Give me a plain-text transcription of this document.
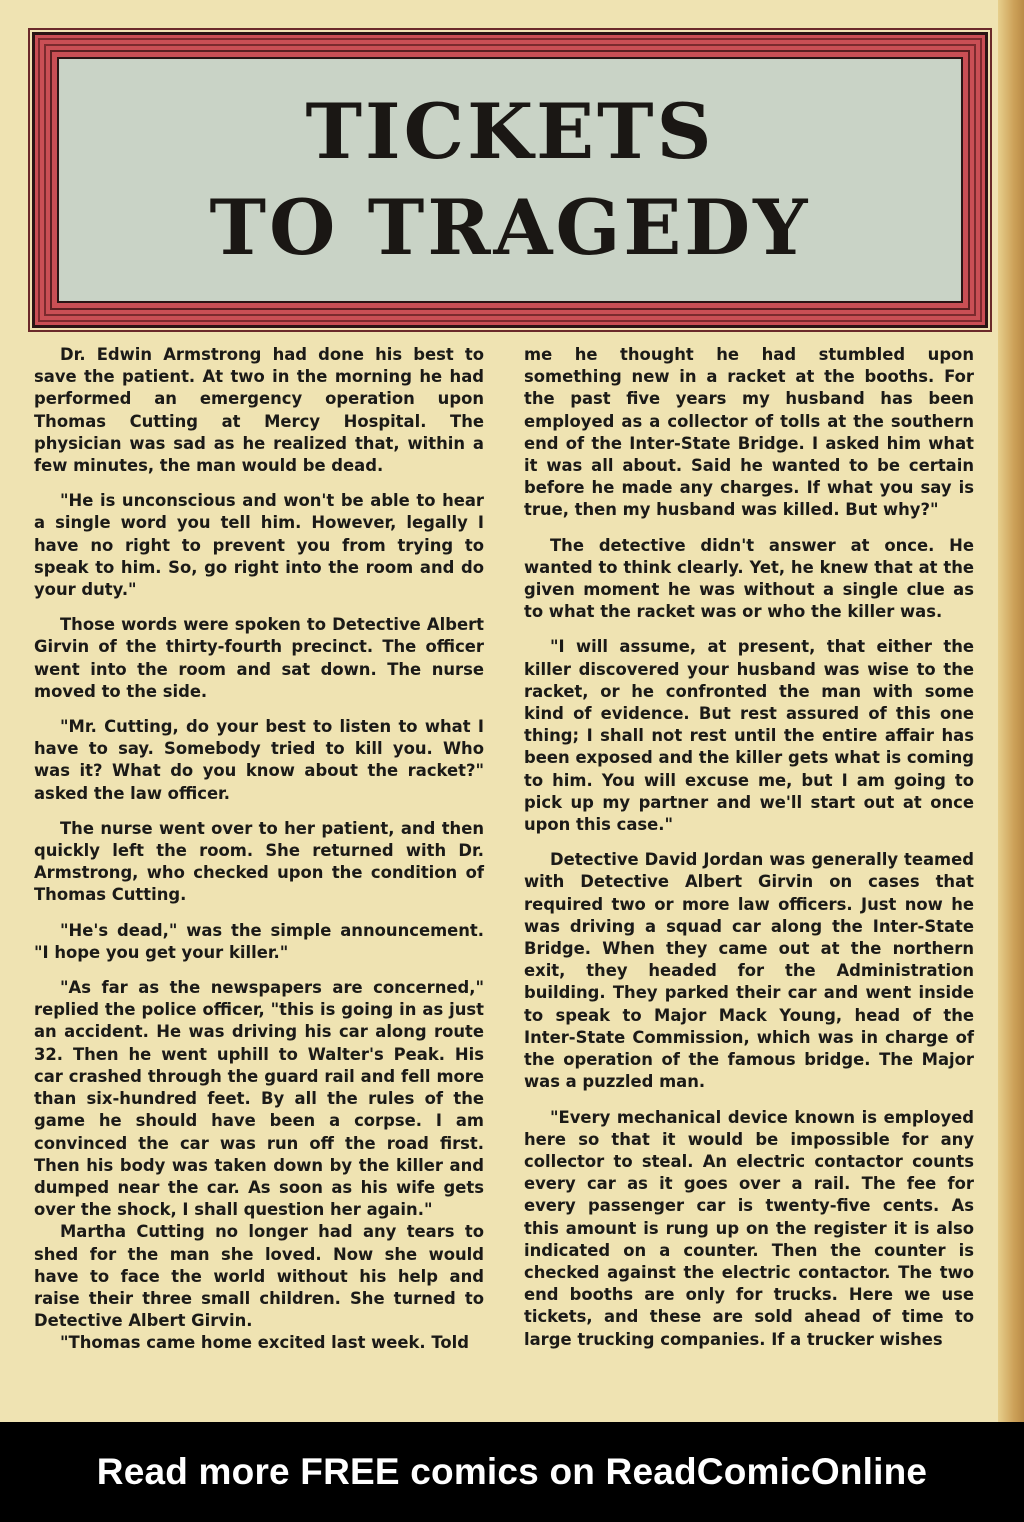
TICKETS
TO TRAGEDY

Dr. Edwin Armstrong had done his best to save the patient. At two in the morning he had performed an emergency operation upon Thomas Cutting at Mercy Hospital. The physician was sad as he realized that, within a few minutes, the man would be dead.

"He is unconscious and won't be able to hear a single word you tell him. However, legally I have no right to prevent you from trying to speak to him. So, go right into the room and do your duty."

Those words were spoken to Detective Albert Girvin of the thirty-fourth precinct. The officer went into the room and sat down. The nurse moved to the side.

"Mr. Cutting, do your best to listen to what I have to say. Somebody tried to kill you. Who was it? What do you know about the racket?" asked the law officer.

The nurse went over to her patient, and then quickly left the room. She returned with Dr. Armstrong, who checked upon the condition of Thomas Cutting.

"He's dead," was the simple announcement. "I hope you get your killer."

"As far as the newspapers are concerned," replied the police officer, "this is going in as just an accident. He was driving his car along route 32. Then he went uphill to Walter's Peak. His car crashed through the guard rail and fell more than six-hundred feet. By all the rules of the game he should have been a corpse. I am convinced the car was run off the road first. Then his body was taken down by the killer and dumped near the car. As soon as his wife gets over the shock, I shall question her again."

Martha Cutting no longer had any tears to shed for the man she loved. Now she would have to face the world without his help and raise their three small children. She turned to Detective Albert Girvin.

"Thomas came home excited last week. Told

me he thought he had stumbled upon something new in a racket at the booths. For the past five years my husband has been employed as a collector of tolls at the southern end of the Inter-State Bridge. I asked him what it was all about. Said he wanted to be certain before he made any charges. If what you say is true, then my husband was killed. But why?"

The detective didn't answer at once. He wanted to think clearly. Yet, he knew that at the given moment he was without a single clue as to what the racket was or who the killer was.

"I will assume, at present, that either the killer discovered your husband was wise to the racket, or he confronted the man with some kind of evidence. But rest assured of this one thing; I shall not rest until the entire affair has been exposed and the killer gets what is coming to him. You will excuse me, but I am going to pick up my partner and we'll start out at once upon this case."

Detective David Jordan was generally teamed with Detective Albert Girvin on cases that required two or more law officers. Just now he was driving a squad car along the Inter-State Bridge. When they came out at the northern exit, they headed for the Administration building. They parked their car and went inside to speak to Major Mack Young, head of the Inter-State Commission, which was in charge of the operation of the famous bridge. The Major was a puzzled man.

"Every mechanical device known is employed here so that it would be impossible for any collector to steal. An electric contactor counts every car as it goes over a rail. The fee for every passenger car is twenty-five cents. As this amount is rung up on the register it is also indicated on a counter. Then the counter is checked against the electric contactor. The two end booths are only for trucks. Here we use tickets, and these are sold ahead of time to large trucking companies. If a trucker wishes

Read more FREE comics on ReadComicOnline
